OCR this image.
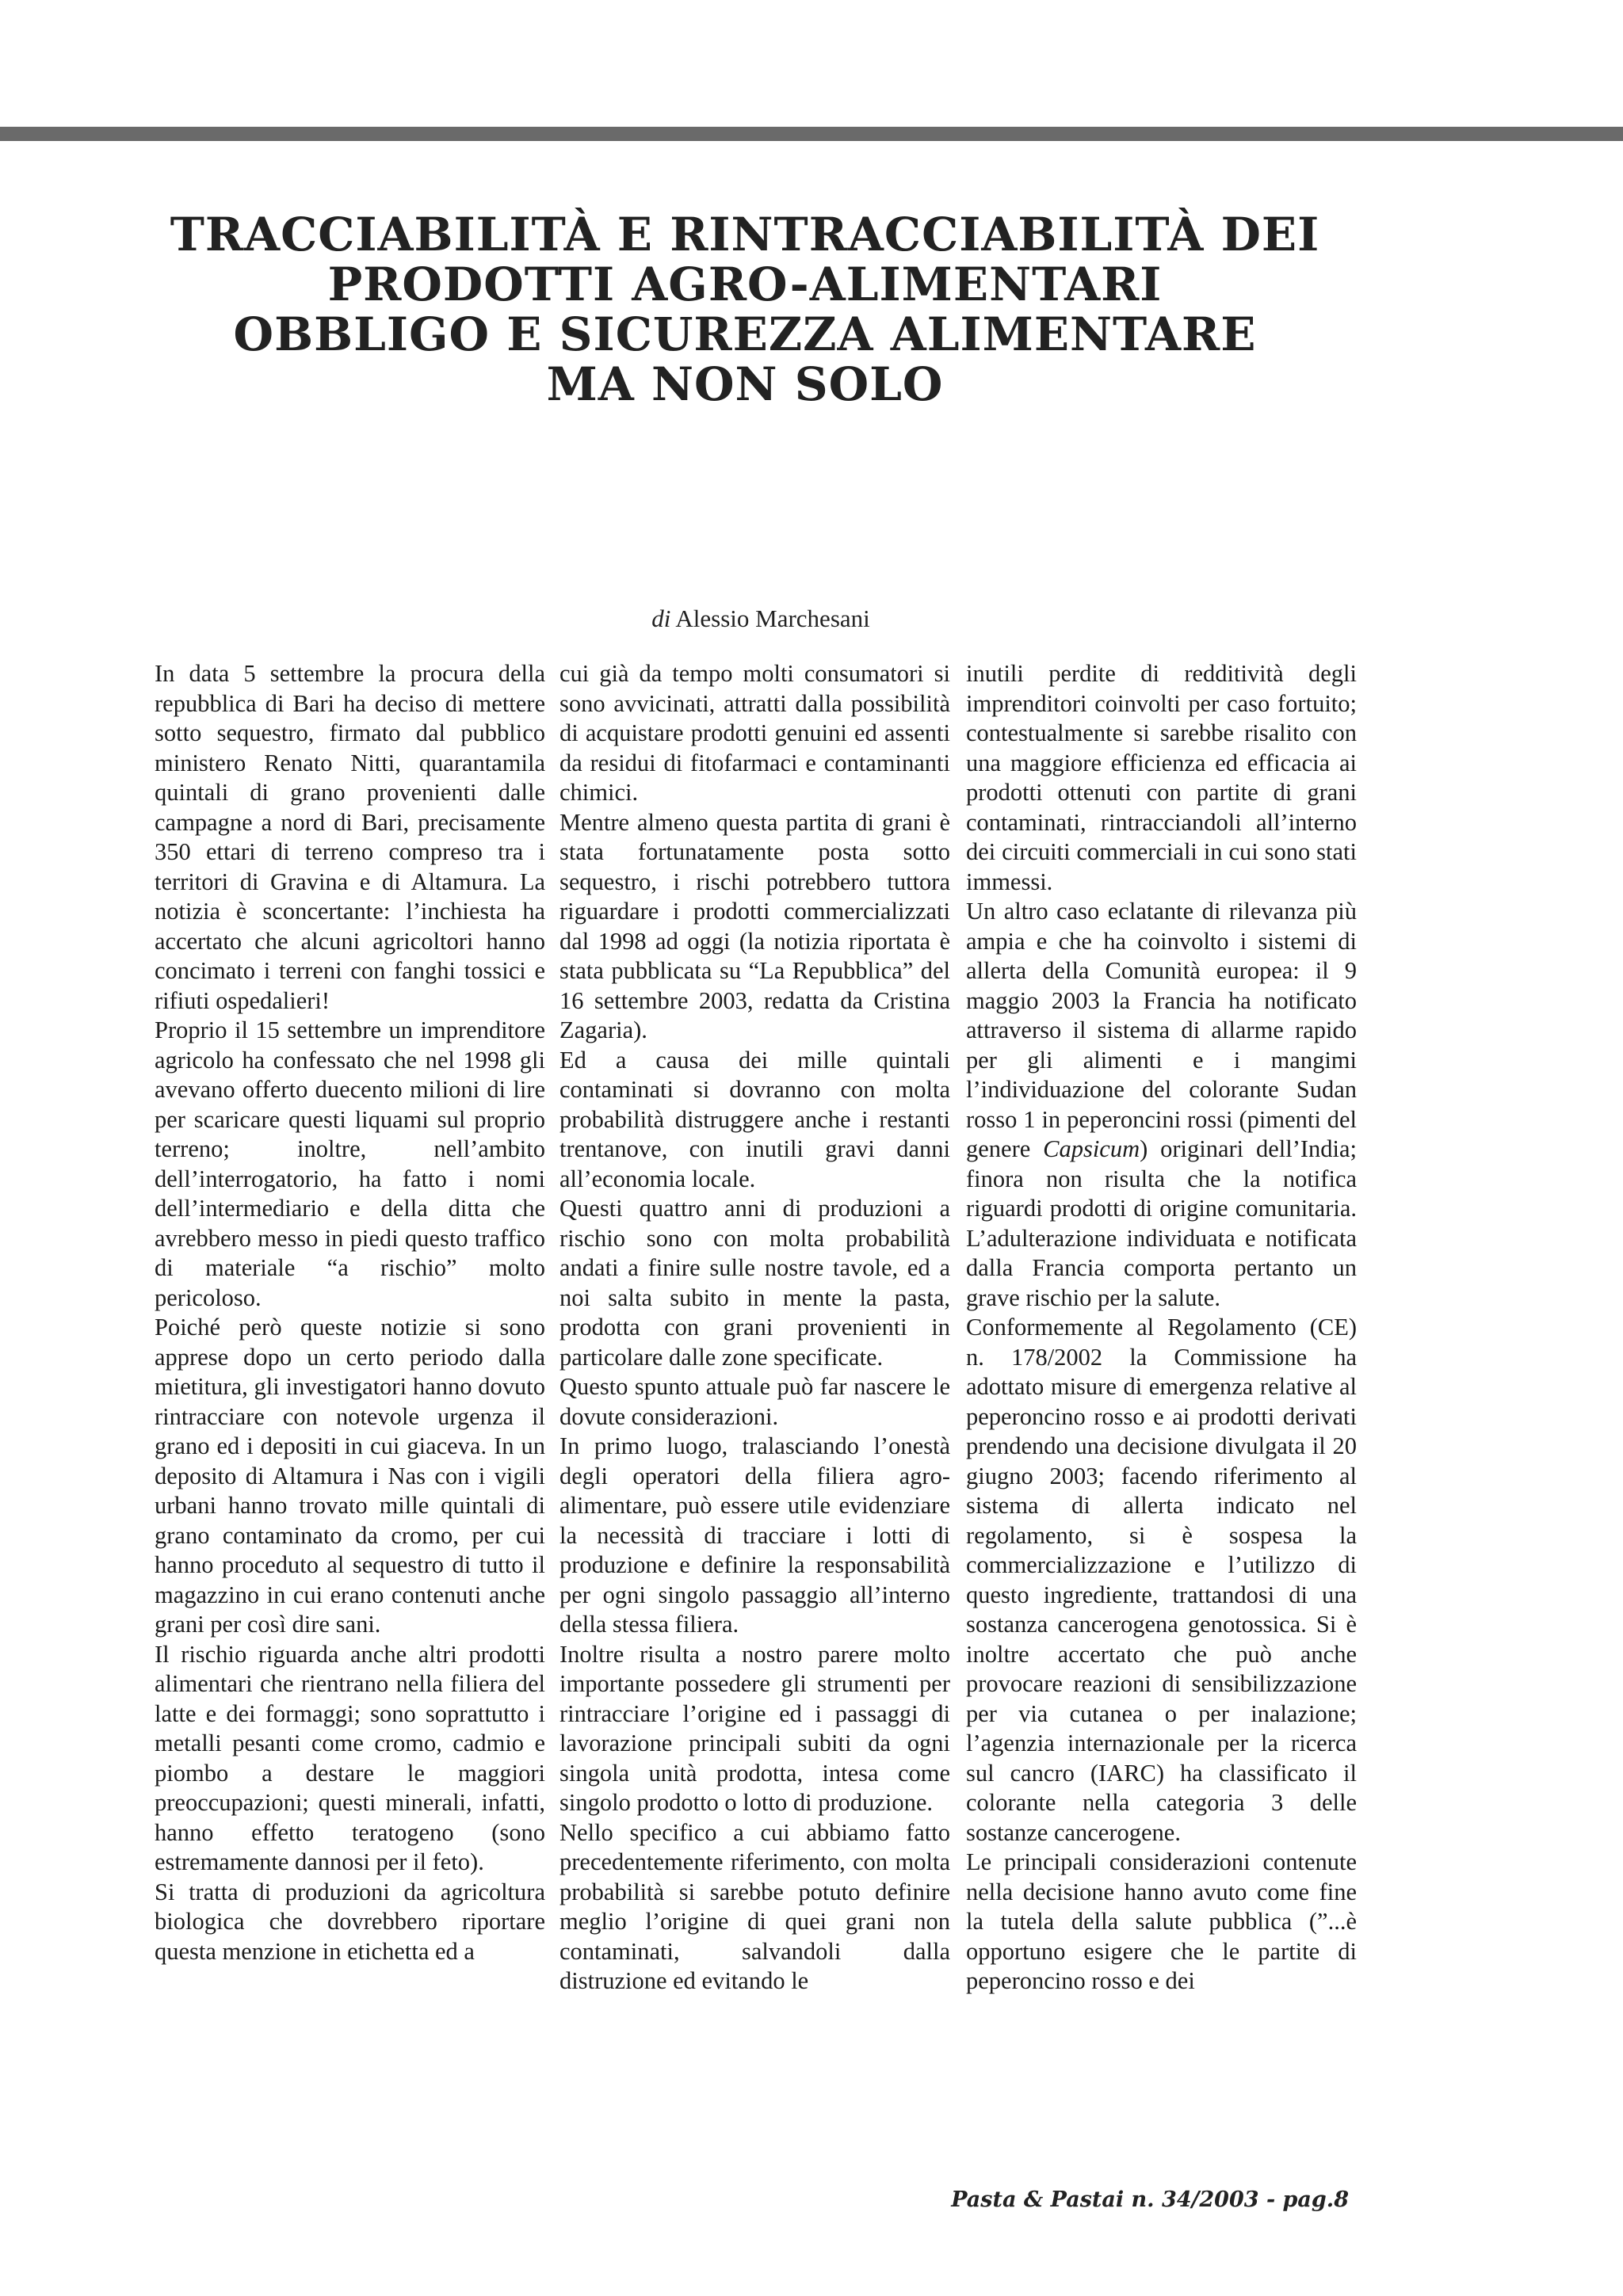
TRACCIABILITÀ E RINTRACCIABILITÀ DEI
PRODOTTI AGRO-ALIMENTARI
OBBLIGO E SICUREZZA ALIMENTARE
MA NON SOLO
di Alessio Marchesani

In data 5 settembre la procura della repubblica di Bari ha deciso di mettere sotto sequestro, firmato dal pubblico ministero Renato Nitti, quarantamila quintali di grano provenienti dalle campagne a nord di Bari, precisamente 350 ettari di terreno compreso tra i territori di Gravina e di Altamura. La notizia è sconcertante: l’inchiesta ha accertato che alcuni agricoltori hanno concimato i terreni con fanghi tossici e rifiuti ospedalieri!

Proprio il 15 settembre un imprenditore agricolo ha confessato che nel 1998 gli avevano offerto duecento milioni di lire per scaricare questi liquami sul proprio terreno; inoltre, nell’ambito dell’interrogatorio, ha fatto i nomi dell’intermediario e della ditta che avrebbero messo in piedi questo traffico di materiale “a rischio” molto pericoloso.

Poiché però queste notizie si sono apprese dopo un certo periodo dalla mietitura, gli investigatori hanno dovuto rintracciare con notevole urgenza il grano ed i depositi in cui giaceva. In un deposito di Altamura i Nas con i vigili urbani hanno trovato mille quintali di grano contaminato da cromo, per cui hanno proceduto al sequestro di tutto il magazzino in cui erano contenuti anche grani per così dire sani.

Il rischio riguarda anche altri prodotti alimentari che rientrano nella filiera del latte e dei formaggi; sono soprattutto i metalli pesanti come cromo, cadmio e piombo a destare le maggiori preoccupazioni; questi minerali, infatti, hanno effetto teratogeno (sono estremamente dannosi per il feto).

Si tratta di produzioni da agricoltura biologica che dovrebbero riportare questa menzione in etichetta ed a

cui già da tempo molti consumatori si sono avvicinati, attratti dalla possibilità di acquistare prodotti genuini ed assenti da residui di fitofarmaci e contaminanti chimici.

Mentre almeno questa partita di grani è stata fortunatamente posta sotto sequestro, i rischi potrebbero tuttora riguardare i prodotti commercializzati dal 1998 ad oggi (la notizia riportata è stata pubblicata su “La Repubblica” del 16 settembre 2003, redatta da Cristina Zagaria).

Ed a causa dei mille quintali contaminati si dovranno con molta probabilità distruggere anche i restanti trentanove, con inutili gravi danni all’economia locale.

Questi quattro anni di produzioni a rischio sono con molta probabilità andati a finire sulle nostre tavole, ed a noi salta subito in mente la pasta, prodotta con grani provenienti in particolare dalle zone specificate.

Questo spunto attuale può far nascere le dovute considerazioni.

In primo luogo, tralasciando l’onestà degli operatori della filiera agro-alimentare, può essere utile evidenziare la necessità di tracciare i lotti di produzione e definire la responsabilità per ogni singolo passaggio all’interno della stessa filiera.

Inoltre risulta a nostro parere molto importante possedere gli strumenti per rintracciare l’origine ed i passaggi di lavorazione principali subiti da ogni singola unità prodotta, intesa come singolo prodotto o lotto di produzione.

Nello specifico a cui abbiamo fatto precedentemente riferimento, con molta probabilità si sarebbe potuto definire meglio l’origine di quei grani non contaminati, salvandoli dalla distruzione ed evitando le

inutili perdite di redditività degli imprenditori coinvolti per caso fortuito; contestualmente si sarebbe risalito con una maggiore efficienza ed efficacia ai prodotti ottenuti con partite di grani contaminati, rintracciandoli all’interno dei circuiti commerciali in cui sono stati immessi.

Un altro caso eclatante di rilevanza più ampia e che ha coinvolto i sistemi di allerta della Comunità europea: il 9 maggio 2003 la Francia ha notificato attraverso il sistema di allarme rapido per gli alimenti e i mangimi l’individuazione del colorante Sudan rosso 1 in peperoncini rossi (pimenti del genere Capsicum) originari dell’India; finora non risulta che la notifica riguardi prodotti di origine comunitaria. L’adulterazione individuata e notificata dalla Francia comporta pertanto un grave rischio per la salute.

Conformemente al Regolamento (CE) n. 178/2002 la Commissione ha adottato misure di emergenza relative al peperoncino rosso e ai prodotti derivati prendendo una decisione divulgata il 20 giugno 2003; facendo riferimento al sistema di allerta indicato nel regolamento, si è sospesa la commercializzazione e l’utilizzo di questo ingrediente, trattandosi di una sostanza cancerogena genotossica. Si è inoltre accertato che può anche provocare reazioni di sensibilizzazione per via cutanea o per inalazione; l’agenzia internazionale per la ricerca sul cancro (IARC) ha classificato il colorante nella categoria 3 delle sostanze cancerogene.

Le principali considerazioni contenute nella decisione hanno avuto come fine la tutela della salute pubblica (”...è opportuno esigere che le partite di peperoncino rosso e dei

Pasta & Pastai n. 34/2003 - pag.8
